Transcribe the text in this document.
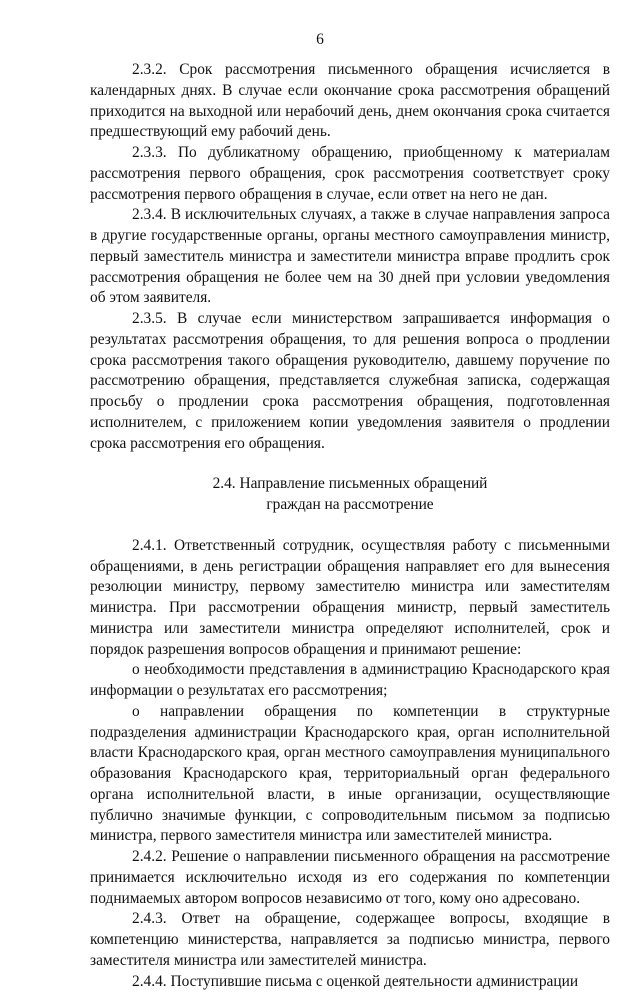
6

2.3.2. Срок рассмотрения письменного обращения исчисляется в календарных днях. В случае если окончание срока рассмотрения обращений приходится на выходной или нерабочий день, днем окончания срока считается предшествующий ему рабочий день.

2.3.3. По дубликатному обращению, приобщенному к материалам рассмотрения первого обращения, срок рассмотрения соответствует сроку рассмотрения первого обращения в случае, если ответ на него не дан.

2.3.4. В исключительных случаях, а также в случае направления запроса в другие государственные органы, органы местного самоуправления министр, первый заместитель министра и заместители министра вправе продлить срок рассмотрения обращения не более чем на 30 дней при условии уведомления об этом заявителя.

2.3.5. В случае если министерством запрашивается информация о результатах рассмотрения обращения, то для решения вопроса о продлении срока рассмотрения такого обращения руководителю, давшему поручение по рассмотрению обращения, представляется служебная записка, содержащая просьбу о продлении срока рассмотрения обращения, подготовленная исполнителем, с приложением копии уведомления заявителя о продлении срока рассмотрения его обращения.

2.4. Направление письменных обращений
граждан на рассмотрение

2.4.1. Ответственный сотрудник, осуществляя работу с письменными обращениями, в день регистрации обращения направляет его для вынесения резолюции министру, первому заместителю министра или заместителям министра. При рассмотрении обращения министр, первый заместитель министра или заместители министра определяют исполнителей, срок и порядок разрешения вопросов обращения и принимают решение:

о необходимости представления в администрацию Краснодарского края информации о результатах его рассмотрения;

о направлении обращения по компетенции в структурные подразделения администрации Краснодарского края, орган исполнительной власти Краснодарского края, орган местного самоуправления муниципального образования Краснодарского края, территориальный орган федерального органа исполнительной власти, в иные организации, осуществляющие публично значимые функции, с сопроводительным письмом за подписью министра, первого заместителя министра или заместителей министра.

2.4.2. Решение о направлении письменного обращения на рассмотрение принимается исключительно исходя из его содержания по компетенции поднимаемых автором вопросов независимо от того, кому оно адресовано.

2.4.3. Ответ на обращение, содержащее вопросы, входящие в компетенцию министерства, направляется за подписью министра, первого заместителя министра или заместителей министра.

2.4.4. Поступившие письма с оценкой деятельности администрации
